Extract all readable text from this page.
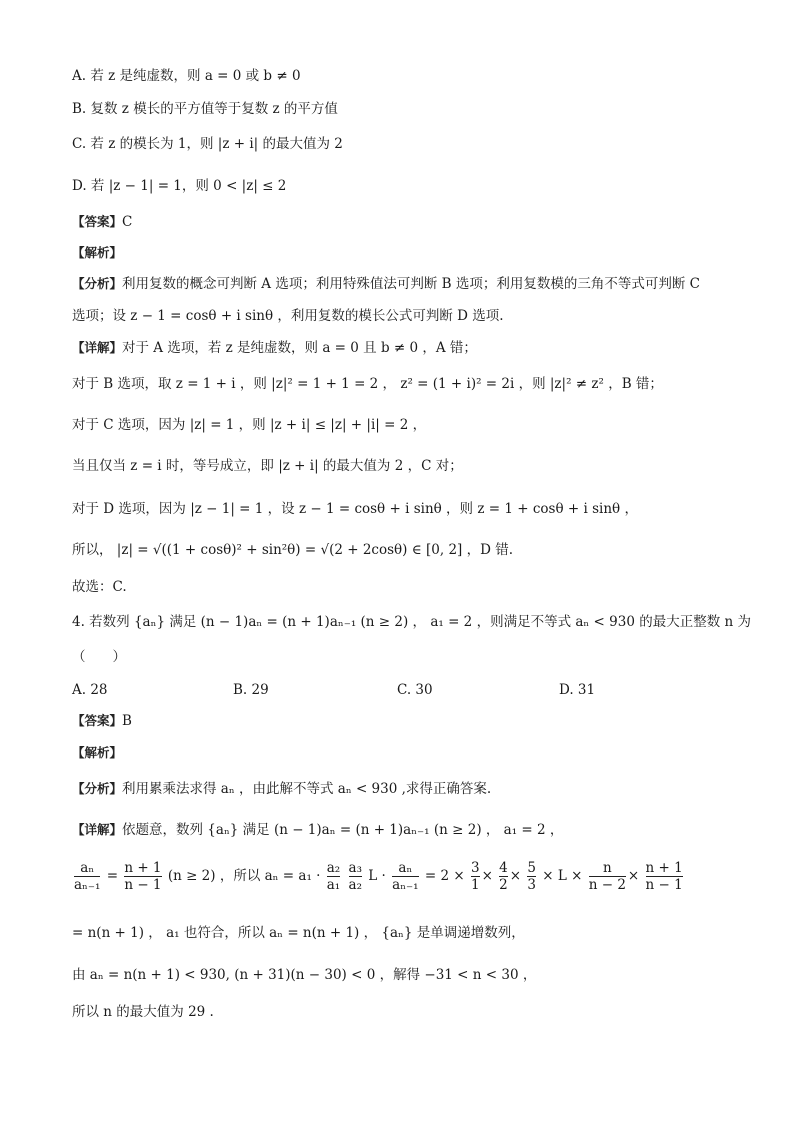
A. 若 z 是纯虚数，则 a = 0 或 b ≠ 0
B. 复数 z 模长的平方值等于复数 z 的平方值
C. 若 z 的模长为 1，则 |z + i| 的最大值为 2
D. 若 |z − 1| = 1，则 0 < |z| ≤ 2
【答案】C
【解析】
【分析】利用复数的概念可判断 A 选项；利用特殊值法可判断 B 选项；利用复数模的三角不等式可判断 C
选项；设 z − 1 = cosθ + i sinθ ，利用复数的模长公式可判断 D 选项.
【详解】对于 A 选项，若 z 是纯虚数，则 a = 0 且 b ≠ 0 ，A 错；
对于 B 选项，取 z = 1 + i ，则 |z|² = 1 + 1 = 2 ， z² = (1 + i)² = 2i ，则 |z|² ≠ z² ，B 错；
对于 C 选项，因为 |z| = 1 ，则 |z + i| ≤ |z| + |i| = 2 ，
当且仅当 z = i 时，等号成立，即 |z + i| 的最大值为 2 ，C 对；
对于 D 选项，因为 |z − 1| = 1 ，设 z − 1 = cosθ + i sinθ ，则 z = 1 + cosθ + i sinθ ，
所以， |z| = √((1 + cosθ)² + sin²θ) = √(2 + 2cosθ) ∈ [0, 2] ，D 错.
故选：C.
4. 若数列 {aₙ} 满足 (n − 1)aₙ = (n + 1)aₙ₋₁ (n ≥ 2) ， a₁ = 2 ，则满足不等式 aₙ < 930 的最大正整数 n 为
（　　）
A. 28	B. 29	C. 30	D. 31
【答案】B
【解析】
【分析】利用累乘法求得 aₙ ，由此解不等式 aₙ < 930 ,求得正确答案.
【详解】依题意，数列 {aₙ} 满足 (n − 1)aₙ = (n + 1)aₙ₋₁ (n ≥ 2) ， a₁ = 2 ，
$\frac{\text{aₙ}}{\text{aₙ₋₁}} = \frac{n + 1}{n - 1} (n \ge 2)$ ，所以 $a_n = a_1 \cdot \frac{\text{a₂}}{\text{a₁}}$
$\frac{\text{a₃}}{\text{a₂}}$ $L \cdot \frac{\text{aₙ}}{\text{aₙ₋₁}} = 2 \times \frac{3}{1} \times \frac{4}{2} \times \frac{5}{3} \times L \times \frac{n}{n - 2} \times \frac{n + 1}{n - 1}$
= n(n + 1) ， a₁ 也符合，所以 aₙ = n(n + 1) ， {aₙ} 是单调递增数列，
由 aₙ = n(n + 1) < 930, (n + 31)(n − 30) < 0 ，解得 −31 < n < 30 ，
所以 n 的最大值为 29 .
